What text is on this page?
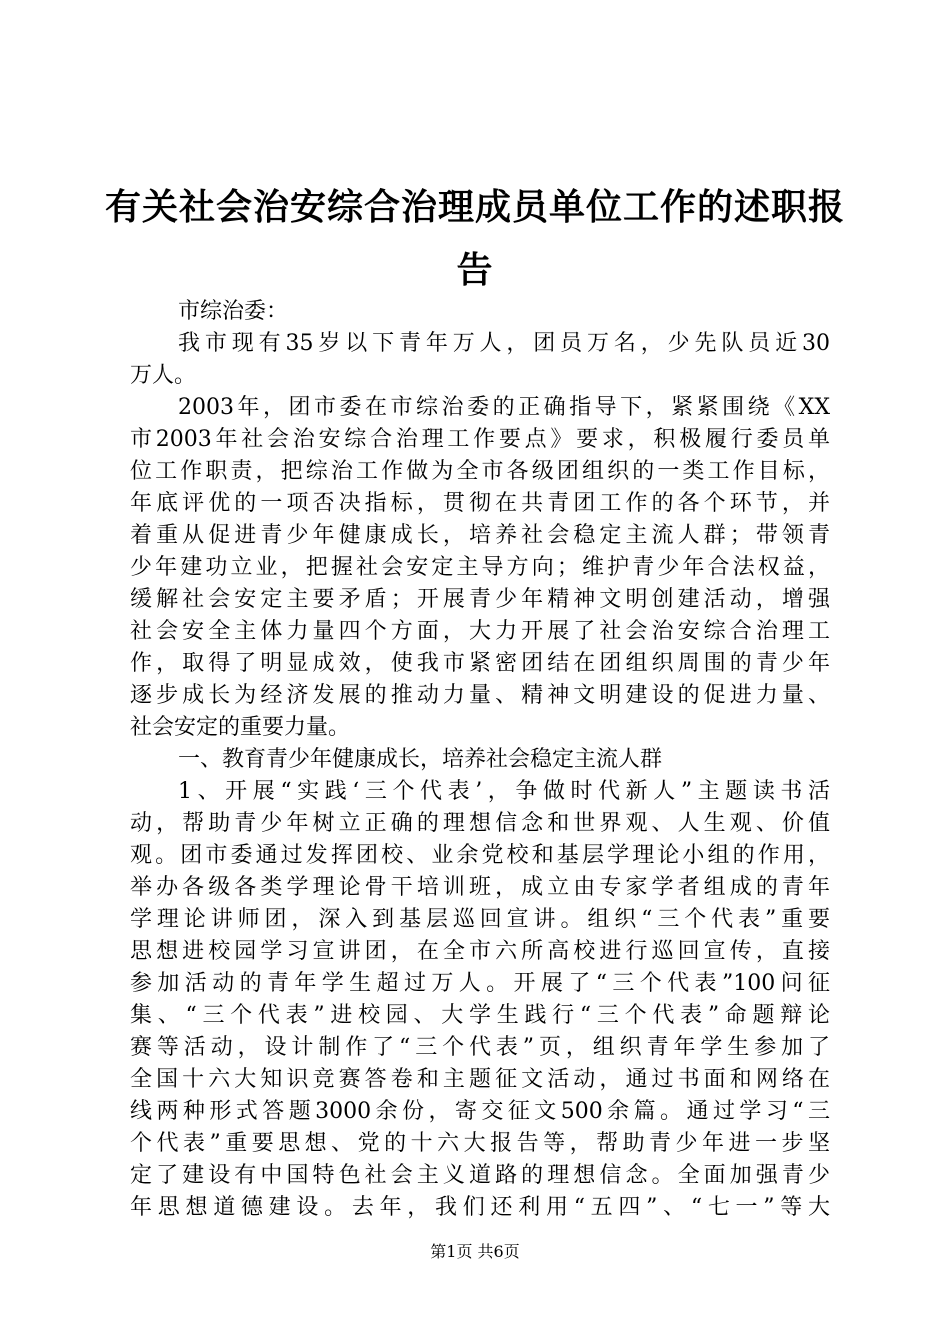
有关社会治安综合治理成员单位工作的述职报
告
市综治委：
我市现有35岁以下青年万人，团员万名，少先队员近30
万人。
2003年，团市委在市综治委的正确指导下，紧紧围绕《XX
市2003年社会治安综合治理工作要点》要求，积极履行委员单
位工作职责，把综治工作做为全市各级团组织的一类工作目标，
年底评优的一项否决指标，贯彻在共青团工作的各个环节，并
着重从促进青少年健康成长，培养社会稳定主流人群；带领青
少年建功立业，把握社会安定主导方向；维护青少年合法权益，
缓解社会安定主要矛盾；开展青少年精神文明创建活动，增强
社会安全主体力量四个方面，大力开展了社会治安综合治理工
作，取得了明显成效，使我市紧密团结在团组织周围的青少年
逐步成长为经济发展的推动力量、精神文明建设的促进力量、
社会安定的重要力量。
一、教育青少年健康成长，培养社会稳定主流人群
1、开展“实践‘三个代表’，争做时代新人”主题读书活
动，帮助青少年树立正确的理想信念和世界观、人生观、价值
观。团市委通过发挥团校、业余党校和基层学理论小组的作用，
举办各级各类学理论骨干培训班，成立由专家学者组成的青年
学理论讲师团，深入到基层巡回宣讲。组织“三个代表”重要
思想进校园学习宣讲团，在全市六所高校进行巡回宣传，直接
参加活动的青年学生超过万人。开展了“三个代表”100问征
集、“三个代表”进校园、大学生践行“三个代表”命题辩论
赛等活动，设计制作了“三个代表”页，组织青年学生参加了
全国十六大知识竞赛答卷和主题征文活动，通过书面和网络在
线两种形式答题3000余份，寄交征文500余篇。通过学习“三
个代表”重要思想、党的十六大报告等，帮助青少年进一步坚
定了建设有中国特色社会主义道路的理想信念。全面加强青少
年思想道德建设。去年，我们还利用“五四”、“七一”等大
第1页 共6页
